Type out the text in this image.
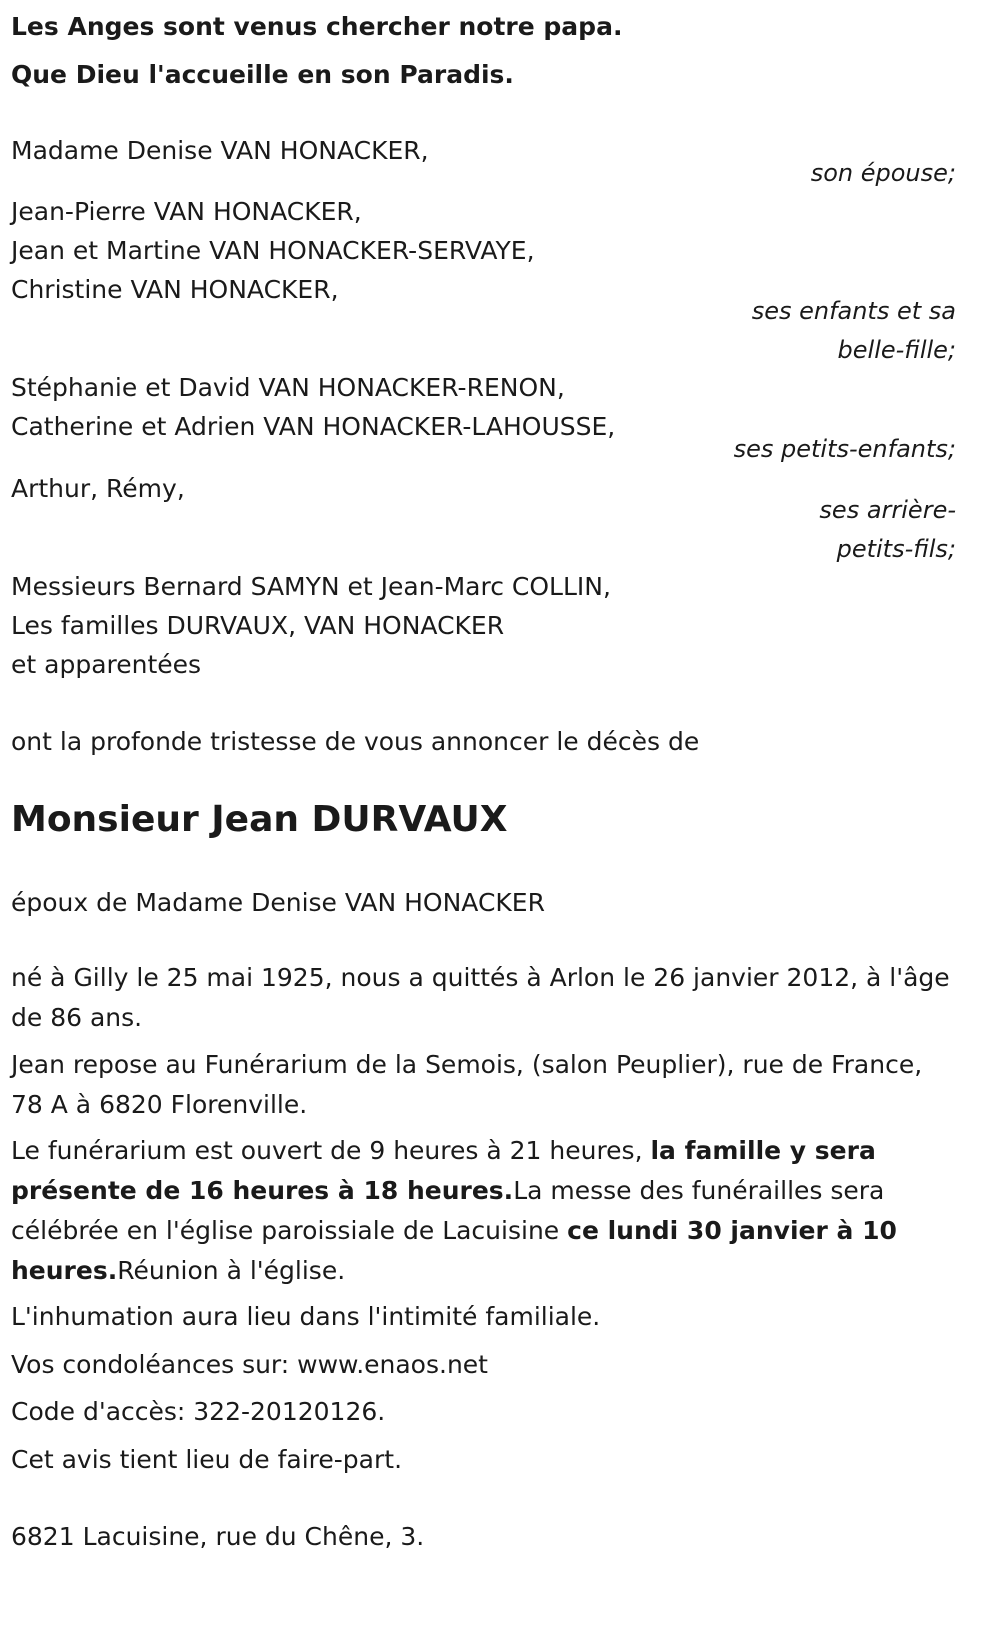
Les Anges sont venus chercher notre papa.
Que Dieu l'accueille en son Paradis.
Madame Denise VAN HONACKER,
son épouse;
Jean-Pierre VAN HONACKER,
Jean et Martine VAN HONACKER-SERVAYE,
Christine VAN HONACKER,
ses enfants et sa
belle-fille;
Stéphanie et David VAN HONACKER-RENON,
Catherine et Adrien VAN HONACKER-LAHOUSSE,
ses petits-enfants;
Arthur, Rémy,
ses arrière-
petits-fils;
Messieurs Bernard SAMYN et Jean-Marc COLLIN,
Les familles DURVAUX, VAN HONACKER
et apparentées
ont la profonde tristesse de vous annoncer le décès de
Monsieur Jean DURVAUX
époux de Madame Denise VAN HONACKER
né à Gilly le 25 mai 1925, nous a quittés à Arlon le 26 janvier 2012, à l'âge de 86 ans.
Jean repose au Funérarium de la Semois, (salon Peuplier), rue de France, 78 A à 6820 Florenville.
Le funérarium est ouvert de 9 heures à 21 heures, la famille y sera présente de 16 heures à 18 heures.La messe des funérailles sera célébrée en l'église paroissiale de Lacuisine ce lundi 30 janvier à 10 heures.Réunion à l'église.
L'inhumation aura lieu dans l'intimité familiale.
Vos condoléances sur: www.enaos.net
Code d'accès: 322-20120126.
Cet avis tient lieu de faire-part.
6821 Lacuisine, rue du Chêne, 3.
